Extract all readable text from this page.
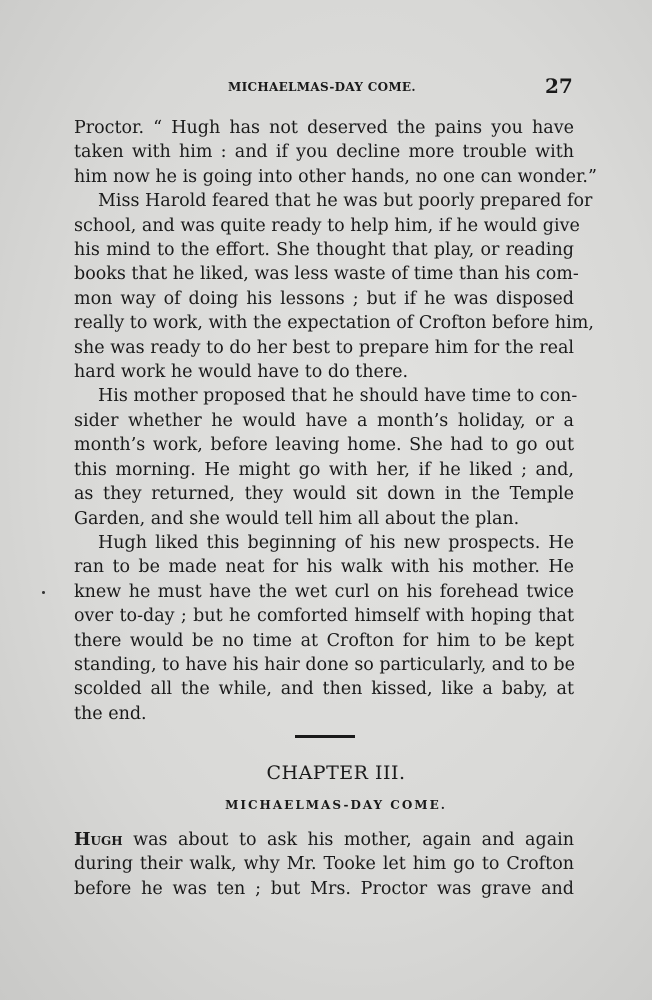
MICHAELMAS-DAY COME.	27
Proctor. “ Hugh has not deserved the pains you have
taken with him : and if you decline more trouble with
him now he is going into other hands, no one can wonder.”
Miss Harold feared that he was but poorly prepared for
school, and was quite ready to help him, if he would give
his mind to the effort. She thought that play, or reading
books that he liked, was less waste of time than his com-
mon way of doing his lessons ; but if he was disposed
really to work, with the expectation of Crofton before him,
she was ready to do her best to prepare him for the real
hard work he would have to do there.
His mother proposed that he should have time to con-
sider whether he would have a month’s holiday, or a
month’s work, before leaving home. She had to go out
this morning. He might go with her, if he liked ; and,
as they returned, they would sit down in the Temple
Garden, and she would tell him all about the plan.
Hugh liked this beginning of his new prospects. He
ran to be made neat for his walk with his mother. He
knew he must have the wet curl on his forehead twice
over to-day ; but he comforted himself with hoping that
there would be no time at Crofton for him to be kept
standing, to have his hair done so particularly, and to be
scolded all the while, and then kissed, like a baby, at
the end.
CHAPTER III.
MICHAELMAS-DAY COME.
Hugh was about to ask his mother, again and again
during their walk, why Mr. Tooke let him go to Crofton
before he was ten ; but Mrs. Proctor was grave and
